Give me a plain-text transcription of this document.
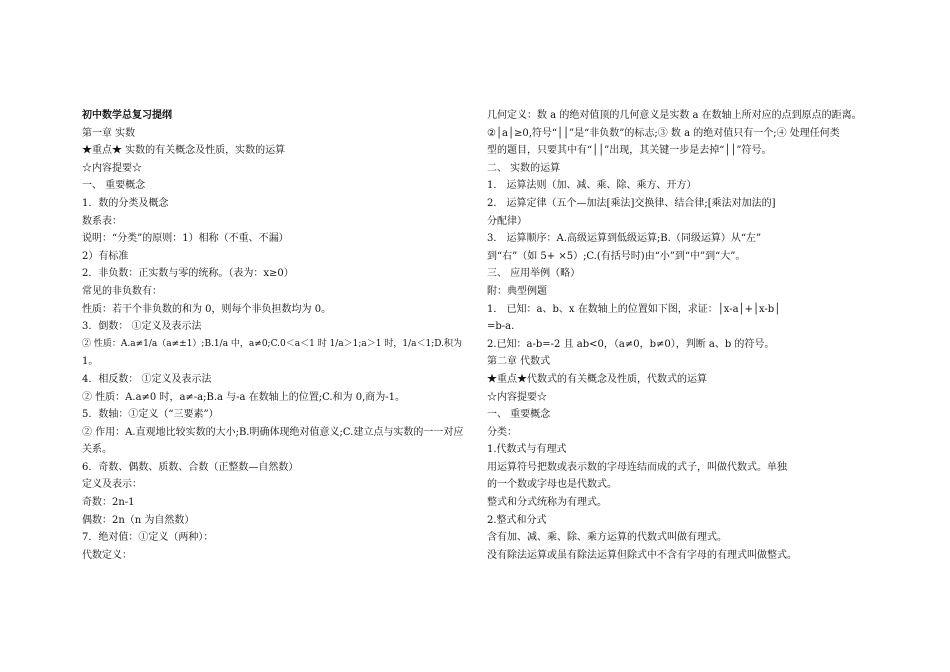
初中数学总复习提纲
第一章 实数
★重点★ 实数的有关概念及性质，实数的运算
☆内容提要☆
一、 重要概念
1．数的分类及概念
数系表：
说明：“分类”的原则：1）相称（不重、不漏）
2）有标准
2．非负数：正实数与零的统称。（表为：x≥0）
常见的非负数有：
性质：若干个非负数的和为 0，则每个非负担数均为 0。
3．倒数： ①定义及表示法
② 性质：A.a≠1/a（a≠±1）;B.1/a 中，a≠0;C.0＜a＜1 时 1/a＞1;a＞1 时，1/a＜1;D.积为
1。
4．相反数： ①定义及表示法
② 性质：A.a≠0 时，a≠-a;B.a 与-a 在数轴上的位置;C.和为 0,商为-1。
5．数轴：①定义（“三要素”）
② 作用：A.直观地比较实数的大小;B.明确体现绝对值意义;C.建立点与实数的一一对应
关系。
6．奇数、偶数、质数、合数（正整数—自然数）
定义及表示：
奇数：2n-1
偶数：2n（n 为自然数）
7．绝对值：①定义（两种）：
代数定义：
几何定义：数 a 的绝对值顶的几何意义是实数 a 在数轴上所对应的点到原点的距离。
②│a│≥0,符号“││”是“非负数”的标志;③ 数 a 的绝对值只有一个;④ 处理任何类
型的题目，只要其中有“││”出现，其关键一步是去掉“││”符号。
二、 实数的运算
1． 运算法则（加、减、乘、除、乘方、开方）
2． 运算定律（五个—加法[乘法]交换律、结合律;[乘法对加法的]
分配律）
3． 运算顺序：A.高级运算到低级运算;B.（同级运算）从“左”
到“右”（如 5+ ×5）;C.(有括号时)由“小”到“中”到“大”。
三、 应用举例（略）
附：典型例题
1． 已知：a、b、x 在数轴上的位置如下图，求证：│x-a│+│x-b│
=b-a.
2.已知：a-b=-2 且 ab<0，（a≠0，b≠0），判断 a、b 的符号。
第二章 代数式
★重点★代数式的有关概念及性质，代数式的运算
☆内容提要☆
一、 重要概念
分类：
1.代数式与有理式
用运算符号把数或表示数的字母连结而成的式子，叫做代数式。单独
的一个数或字母也是代数式。
整式和分式统称为有理式。
2.整式和分式
含有加、减、乘、除、乘方运算的代数式叫做有理式。
没有除法运算或虽有除法运算但除式中不含有字母的有理式叫做整式。
